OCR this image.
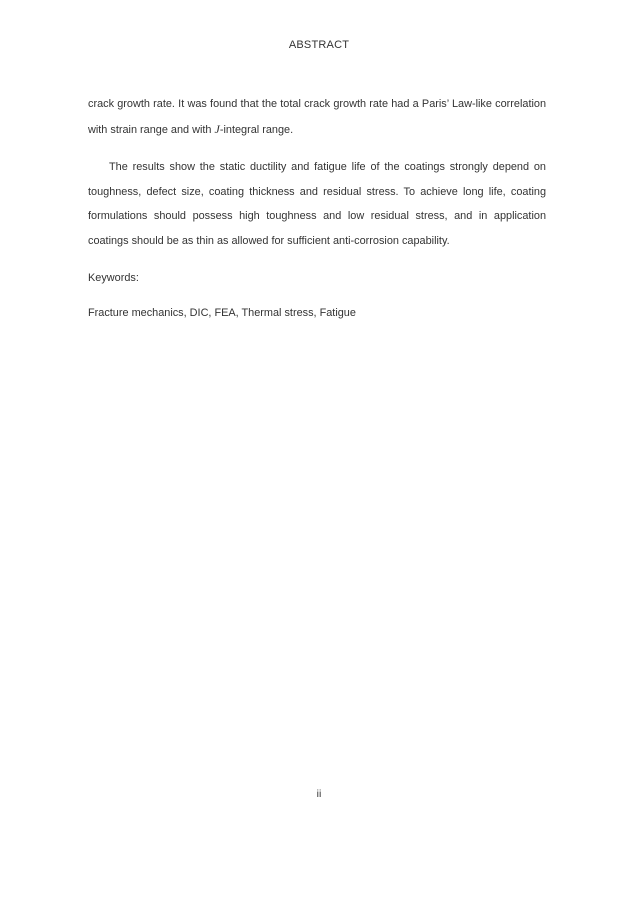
ABSTRACT

crack growth rate. It was found that the total crack growth rate had a Paris’ Law-like correlation with strain range and with J-integral range.

The results show the static ductility and fatigue life of the coatings strongly depend on toughness, defect size, coating thickness and residual stress. To achieve long life, coating formulations should possess high toughness and low residual stress, and in application coatings should be as thin as allowed for sufficient anti-corrosion capability.

Keywords:

Fracture mechanics, DIC, FEA, Thermal stress, Fatigue

ii
